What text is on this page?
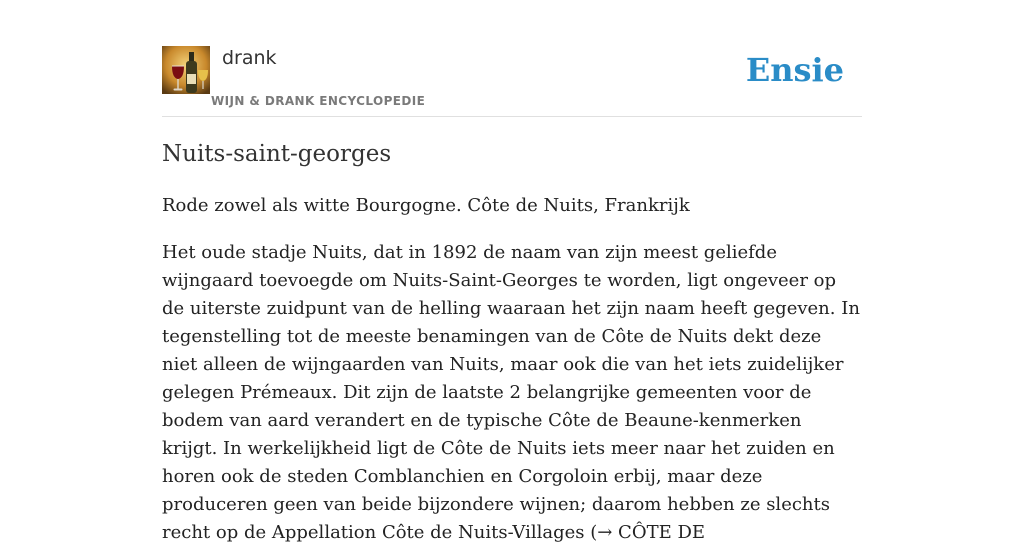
drank
WIJN & DRANK ENCYCLOPEDIE
Ensie
Nuits-saint-georges

Rode zowel als witte Bourgogne. Côte de Nuits, Frankrijk

Het oude stadje Nuits, dat in 1892 de naam van zijn meest geliefde wijngaard toevoegde om Nuits-Saint-Georges te worden, ligt ongeveer op de uiterste zuidpunt van de helling waaraan het zijn naam heeft gegeven. In tegenstelling tot de meeste benamingen van de Côte de Nuits dekt deze niet alleen de wijngaarden van Nuits, maar ook die van het iets zuidelijker gelegen Prémeaux. Dit zijn de laatste 2 belangrijke gemeenten voor de bodem van aard verandert en de typische Côte de Beaune-kenmerken krijgt. In werkelijkheid ligt de Côte de Nuits iets meer naar het zuiden en horen ook de steden Comblanchien en Corgoloin erbij, maar deze produceren geen van beide bijzondere wijnen; daarom hebben ze slechts recht op de Appellation Côte de Nuits-Villages (→ CÔTE DE
